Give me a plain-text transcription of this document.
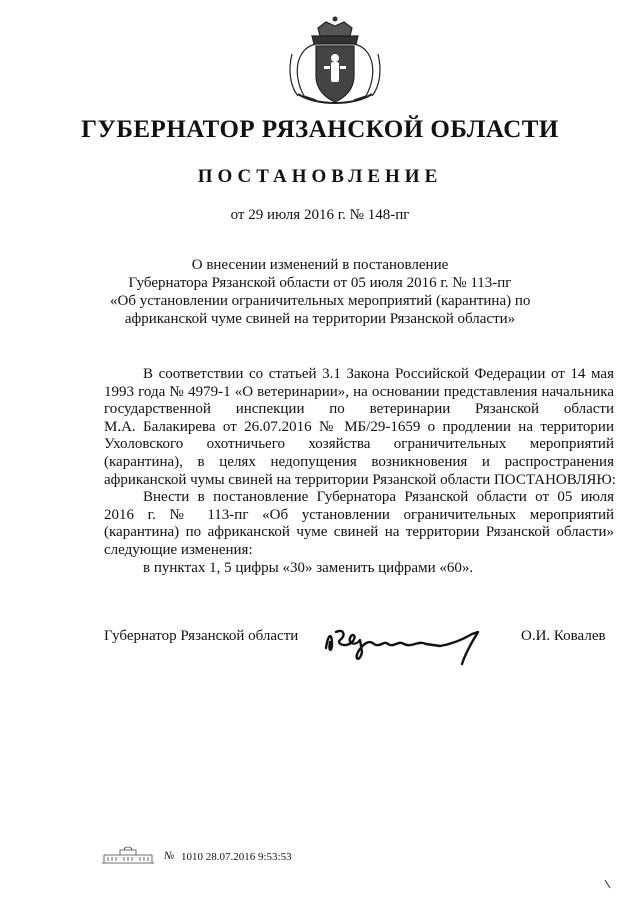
ГУБЕРНАТОР РЯЗАНСКОЙ ОБЛАСТИ
ПОСТАНОВЛЕНИЕ
от 29 июля 2016 г. № 148-пг
О внесении изменений в постановление
Губернатора Рязанской области от 05 июля 2016 г. № 113-пг
«Об установлении ограничительных мероприятий (карантина) по
африканской чуме свиней на территории Рязанской области»

В соответствии со статьей 3.1 Закона Российской Федерации от 14 мая

1993 года № 4979-1 «О ветеринарии», на основании представления начальника

государственной инспекции по ветеринарии Рязанской области

М.А. Балакирева от 26.07.2016 № МБ/29-1659 о продлении на территории

Ухоловского охотничьего хозяйства ограничительных мероприятий

(карантина), в целях недопущения возникновения и распространения

африканской чумы свиней на территории Рязанской области ПОСТАНОВЛЯЮ:

Внести в постановление Губернатора Рязанской области от 05 июля

2016 г. № 113-пг «Об установлении ограничительных мероприятий

(карантина) по африканской чуме свиней на территории Рязанской области»

следующие изменения:

в пунктах 1, 5 цифры «30» заменить цифрами «60».

Губернатор Рязанской области	О.И. Ковалев
№ 1010 28.07.2016 9:53:53
